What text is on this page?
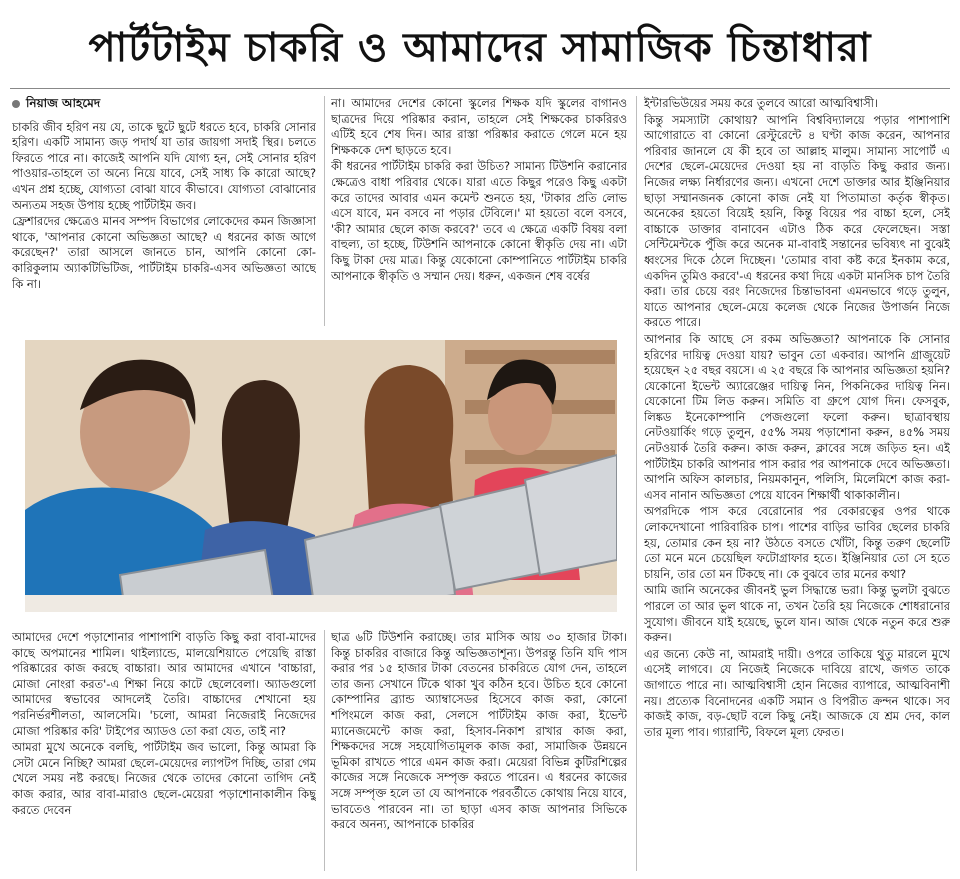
পার্টটাইম চাকরি ও আমাদের সামাজিক চিন্তাধারা
নিয়াজ আহমেদ

চাকরি জীব হরিণ নয় যে, তাকে ছুটে ছুটে ধরতে হবে, চাকরি সোনার হরিণ। একটি সামান্য জড় পদার্থ যা তার জায়গা সদাই স্থির। চলতে ফিরতে পারে না। কাজেই আপনি যদি যোগ্য হন, সেই সোনার হরিণ পাওয়ার-তাহলে তা অন্যে নিয়ে যাবে, সেই সাধ্য কি কারো আছে? এখন প্রশ্ন হচ্ছে, যোগ্যতা বোঝা যাবে কীভাবে। যোগ্যতা বোঝানোর অন্যতম সহজ উপায় হচ্ছে পার্টটাইম জব।

ফ্রেশারদের ক্ষেত্রেও মানব সম্পদ বিভাগের লোকেদের কমন জিজ্ঞাসা থাকে, 'আপনার কোনো অভিজ্ঞতা আছে? এ ধরনের কাজ আগে করেছেন?' তারা আসলে জানতে চান, আপনি কোনো কো-কারিকুলাম অ্যাকটিভিটিজ, পার্টটাইম চাকরি-এসব অভিজ্ঞতা আছে কি না।

না। আমাদের দেশের কোনো স্কুলের শিক্ষক যদি স্কুলের বাগানও ছাত্রদের দিয়ে পরিষ্কার করান, তাহলে সেই শিক্ষকের চাকরিরও এটিই হবে শেষ দিন। আর রাস্তা পরিষ্কার করাতে গেলে মনে হয় শিক্ষককে দেশ ছাড়তে হবে।

কী ধরনের পার্টটাইম চাকরি করা উচিত? সামান্য টিউশনি করানোর ক্ষেত্রেও বাধা পরিবার থেকে। যারা এতে কিছুর পরেও কিছু একটা করে তাদের আবার এমন কমেন্ট শুনতে হয়, 'টাকার প্রতি লোভ এসে যাবে, মন বসবে না পড়ার টেবিলে।' মা হয়তো বলে বসবে, 'কী? আমার ছেলে কাজ করবে?' তবে এ ক্ষেত্রে একটি বিষয় বলা বাহুল্য, তা হচ্ছে, টিউশনি আপনাকে কোনো স্বীকৃতি দেয় না। এটা কিছু টাকা দেয় মাত্র। কিন্তু যেকোনো কোম্পানিতে পার্টটাইম চাকরি আপনাকে স্বীকৃতি ও সম্মান দেয়। ধরুন, একজন শেষ বর্ষের

ইন্টারভিউয়ের সময় করে তুলবে আরো আত্মবিশ্বাসী।

কিন্তু সমস্যাটা কোথায়? আপনি বিশ্ববিদ্যালয়ে পড়ার পাশাপাশি আগোরাতে বা কোনো রেস্টুরেন্টে ৪ ঘণ্টা কাজ করেন, আপনার পরিবার জানলে যে কী হবে তা আল্লাহ মালুম। সামান্য সাপোর্ট এ দেশের ছেলে-মেয়েদের দেওয়া হয় না বাড়তি কিছু করার জন্য। নিজের লক্ষ্য নির্ধারণের জন্য। এখনো দেশে ডাক্তার আর ইঞ্জিনিয়ার ছাড়া সম্মানজনক কোনো কাজ নেই যা পিতামাতা কর্তৃক স্বীকৃত। অনেকের হয়তো বিয়েই হয়নি, কিন্তু বিয়ের পর বাচ্চা হলে, সেই বাচ্চাকে ডাক্তার বানাবেন এটাও ঠিক করে ফেলেছেন। সস্তা সেন্টিমেন্টকে পুঁজি করে অনেক মা-বাবাই সন্তানের ভবিষ্যৎ না বুঝেই ধ্বংসের দিকে ঠেলে দিচ্ছেন। 'তোমার বাবা কষ্ট করে ইনকাম করে, একদিন তুমিও করবে'-এ ধরনের কথা দিয়ে একটা মানসিক চাপ তৈরি করা। তার চেয়ে বরং নিজেদের চিন্তাভাবনা এমনভাবে গড়ে তুলুন, যাতে আপনার ছেলে-মেয়ে কলেজ থেকে নিজের উপার্জন নিজে করতে পারে।

আপনার কি আছে সে রকম অভিজ্ঞতা? আপনাকে কি সোনার হরিণের দায়িত্ব দেওয়া যায়? ভাবুন তো একবার। আপনি গ্রাজুয়েট হয়েছেন ২৫ বছর বয়সে। এ ২৫ বছরে কি আপনার অভিজ্ঞতা হয়নি? যেকোনো ইভেন্ট অ্যারেঞ্জের দায়িত্ব নিন, পিকনিকের দায়িত্ব নিন। যেকোনো টিম লিড করুন। সমিতি বা গ্রুপে যোগ দিন। ফেসবুক, লিঙ্কড ইনেকোম্পানি পেজগুলো ফলো করুন। ছাত্রাবস্থায় নেটওয়ার্কিং গড়ে তুলুন, ৫৫% সময় পড়াশোনা করুন, ৪৫% সময় নেটওয়ার্ক তৈরি করুন। কাজ করুন, ক্লাবের সঙ্গে জড়িত হন। এই পার্টটাইম চাকরি আপনার পাস করার পর আপনাকে দেবে অভিজ্ঞতা। আপনি অফিস কালচার, নিয়মকানুন, পলিসি, মিলেমিশে কাজ করা-এসব নানান অভিজ্ঞতা পেয়ে যাবেন শিক্ষার্থী থাকাকালীন।

অপরদিকে পাস করে বেরোনোর পর বেকারত্বের ওপর থাকে লোকদেখানো পারিবারিক চাপ। পাশের বাড়ির ভাবির ছেলের চাকরি হয়, তোমার কেন হয় না? উঠতে বসতে খোঁটা, কিন্তু তরুণ ছেলেটি তো মনে মনে চেয়েছিল ফটোগ্রাফার হতে। ইঞ্জিনিয়ার তো সে হতে চায়নি, তার তো মন টিকছে না। কে বুঝবে তার মনের কথা?

আমি জানি অনেকের জীবনই ভুল সিদ্ধান্তে ভরা। কিন্তু ভুলটা বুঝতে পারলে তা আর ভুল থাকে না, তখন তৈরি হয় নিজেকে শোধরানোর সুযোগ। জীবনে যাই হয়েছে, ভুলে যান। আজ থেকে নতুন করে শুরু করুন।

এর জন্যে কেউ না, আমরাই দায়ী। ওপরে তাকিয়ে থুতু মারলে মুখে এসেই লাগবে। যে নিজেই নিজেকে দাবিয়ে রাখে, জগত তাকে জাগাতে পারে না। আত্মবিশ্বাসী হোন নিজের ব্যাপারে, আত্মবিনাশী নয়। প্রত্যেক বিনোদনের একটি সমান ও বিপরীত ক্রন্দন থাকে। সব কাজই কাজ, বড়-ছোট বলে কিছু নেই। আজকে যে শ্রম দেব, কাল তার মূল্য পাব। গ্যারান্টি, বিফলে মূল্য ফেরত।

আমাদের দেশে পড়াশোনার পাশাপাশি বাড়তি কিছু করা বাবা-মাদের কাছে অপমানের শামিল। থাইল্যান্ডে, মালয়েশিয়াতে পেয়েছি রাস্তা পরিষ্কারের কাজ করছে বাচ্চারা। আর আমাদের এখানে 'বাচ্চারা, মোজা নোংরা করত'-এ শিক্ষা নিয়ে কাটে ছেলেবেলা। অ্যাডগুলো আমাদের স্বভাবের আদলেই তৈরি। বাচ্চাদের শেখানো হয় পরনির্ভরশীলতা, আলসেমি। 'চলো, আমরা নিজেরাই নিজেদের মোজা পরিষ্কার করি' টাইপের অ্যাডও তো করা যেত, তাই না?

আমরা মুখে অনেকে বলছি, পার্টটাইম জব ভালো, কিন্তু আমরা কি সেটা মেনে নিচ্ছি? আমরা ছেলে-মেয়েদের ল্যাপটপ দিচ্ছি, তারা গেম খেলে সময় নষ্ট করছে। নিজের থেকে তাদের কোনো তাগিদ নেই কাজ করার, আর বাবা-মারাও ছেলে-মেয়েরা পড়াশোনাকালীন কিছু করতে দেবেন

ছাত্র ৬টি টিউশনি করাচ্ছে। তার মাসিক আয় ৩০ হাজার টাকা। কিন্তু চাকরির বাজারে কিন্তু অভিজ্ঞতাশূন্য। উপরন্তু তিনি যদি পাস করার পর ১৫ হাজার টাকা বেতনের চাকরিতে যোগ দেন, তাহলে তার জন্য সেখানে টিকে থাকা খুব কঠিন হবে। উচিত হবে কোনো কোম্পানির ব্র্যান্ড অ্যাম্বাসেডর হিসেবে কাজ করা, কোনো শপিংমলে কাজ করা, সেলসে পার্টটাইম কাজ করা, ইভেন্ট ম্যানেজমেন্টে কাজ করা, হিসাব-নিকাশ রাখার কাজ করা, শিক্ষকদের সঙ্গে সহযোগিতামূলক কাজ করা, সামাজিক উন্নয়নে ভূমিকা রাখতে পারে এমন কাজ করা। মেয়েরা বিভিন্ন কুটিরশিল্পের কাজের সঙ্গে নিজেকে সম্পৃক্ত করতে পারেন। এ ধরনের কাজের সঙ্গে সম্পৃক্ত হলে তা যে আপনাকে পরবর্তীতে কোথায় নিয়ে যাবে, ভাবতেও পারবেন না। তা ছাড়া এসব কাজ আপনার সিভিকে করবে অনন্য, আপনাকে চাকরির
